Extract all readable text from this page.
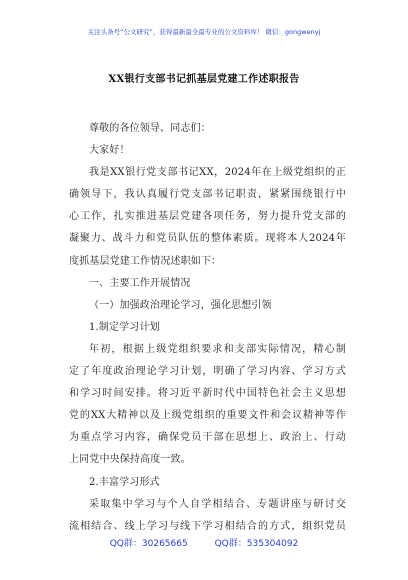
关注头条号“公文研究”，获得最新最全最专业的公文资料库！ 微信：gongwenyj
XX银行支部书记抓基层党建工作述职报告
尊敬的各位领导、同志们：
大家好！
我是XX银行党支部书记XX，2024年在上级党组织的正
确领导下，我认真履行党支部书记职责，紧紧围绕银行中
心工作，扎实推进基层党建各项任务，努力提升党支部的
凝聚力、战斗力和党员队伍的整体素质。现将本人2024年
度抓基层党建工作情况述职如下：
一、主要工作开展情况
（一）加强政治理论学习，强化思想引领
1.制定学习计划
年初，根据上级党组织要求和支部实际情况，精心制
定了年度政治理论学习计划，明确了学习内容、学习方式
和学习时间安排。将习近平新时代中国特色社会主义思想
党的XX大精神以及上级党组织的重要文件和会议精神等作
为重点学习内容，确保党员干部在思想上、政治上、行动
上同党中央保持高度一致。
2.丰富学习形式
采取集中学习与个人自学相结合、专题讲座与研讨交
流相结合、线上学习与线下学习相结合的方式，组织党员
QQ群：30265665	QQ群：535304092
